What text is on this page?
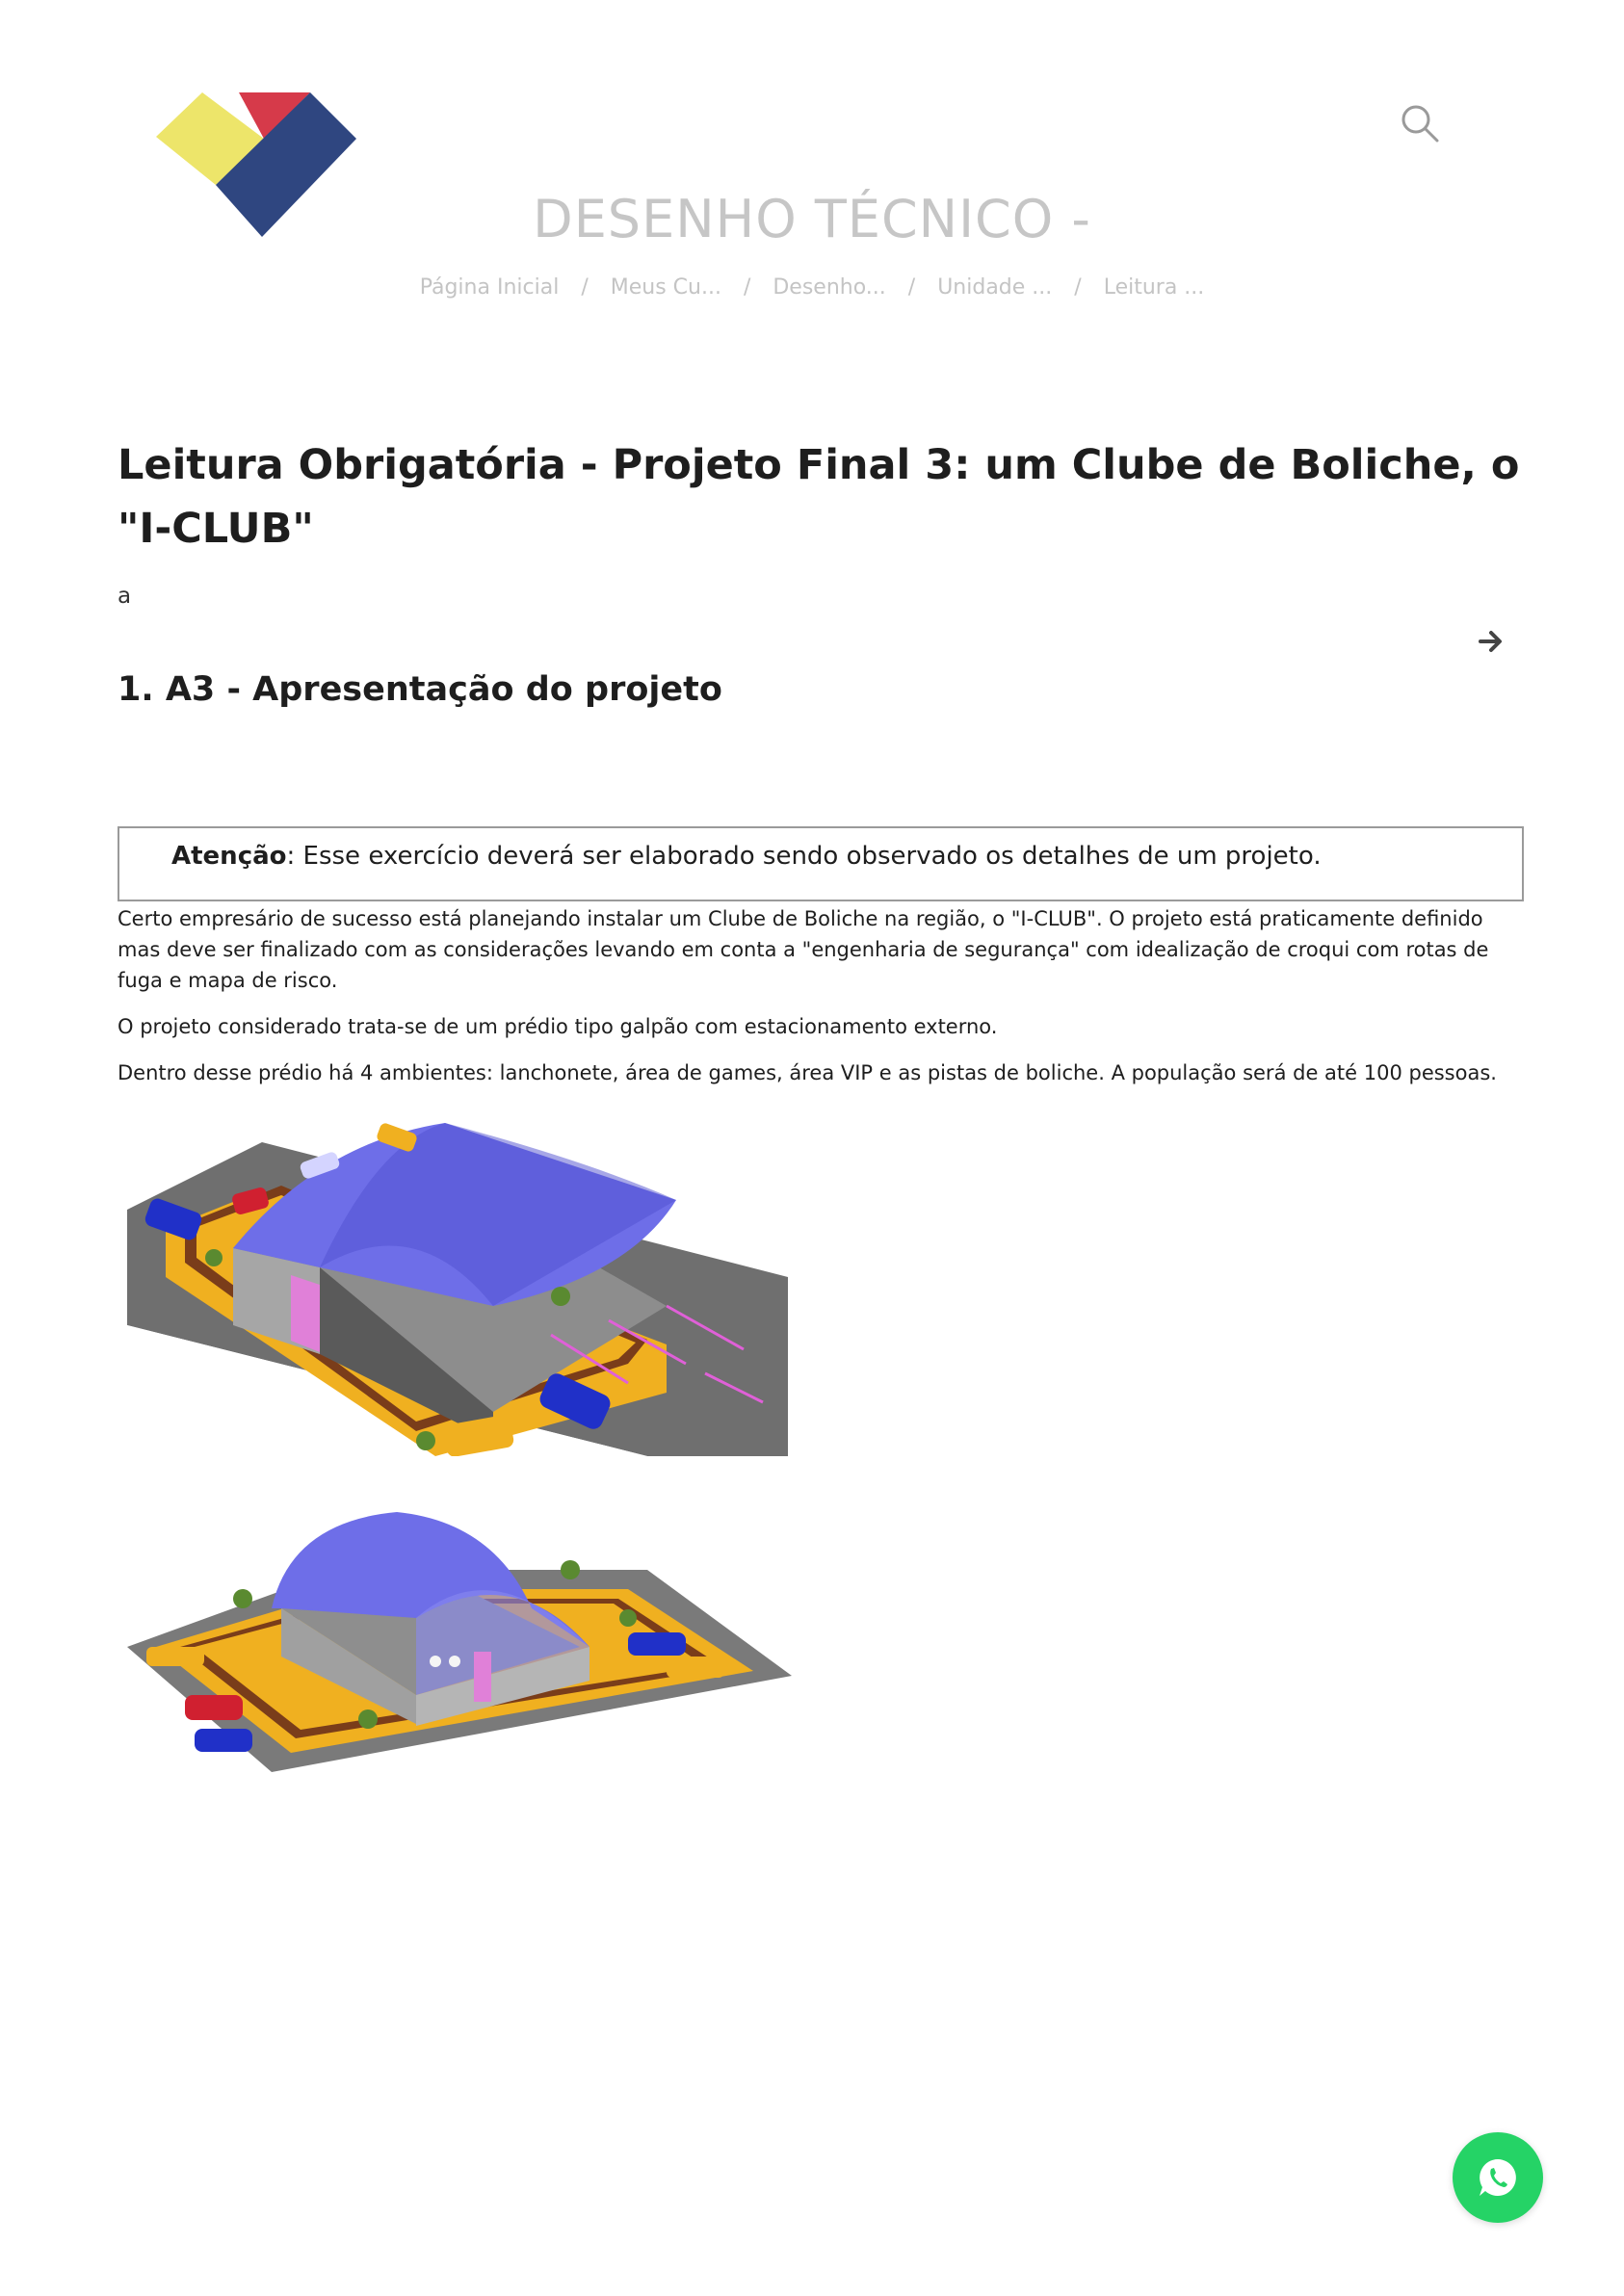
DESENHO TÉCNICO -
Página Inicial / Meus Cu... / Desenho... / Unidade ... / Leitura ...
Leitura Obrigatória - Projeto Final 3: um Clube de Boliche, o "I-CLUB"
a
1. A3 - Apresentação do projeto
Atenção: Esse exercício deverá ser elaborado sendo observado os detalhes de um projeto.

Certo empresário de sucesso está planejando instalar um Clube de Boliche na região, o "I-CLUB". O projeto está praticamente definido mas deve ser finalizado com as considerações levando em conta a "engenharia de segurança" com idealização de croqui com rotas de fuga e mapa de risco.

O projeto considerado trata-se de um prédio tipo galpão com estacionamento externo.

Dentro desse prédio há 4 ambientes: lanchonete, área de games, área VIP e as pistas de boliche. A população será de até 100 pessoas.
